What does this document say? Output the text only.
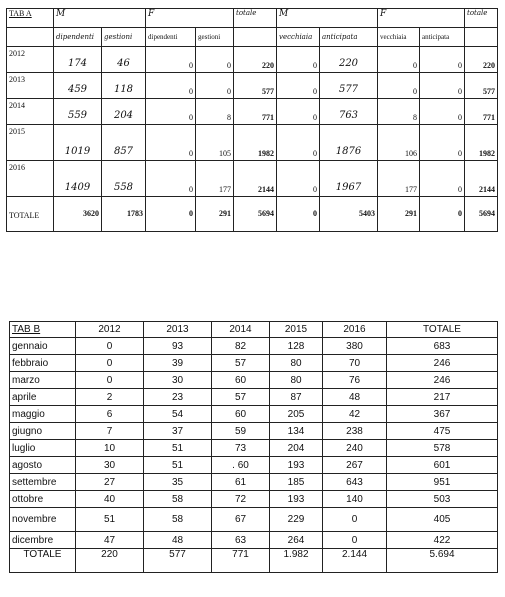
TAB A	M		F		totale	M		F		totale
	dipendenti	gestioni	dipendenti	gestioni		vecchiaia	anticipata	vecchiaia	anticipata	
2012	174	46	0	0	220	0	220	0	0	220
2013	459	118	0	0	577	0	577	0	0	577
2014	559	204	0	8	771	0	763	8	0	771
2015	1019	857	0	105	1982	0	1876	106	0	1982
2016	1409	558	0	177	2144	0	1967	177	0	2144
TOTALE	3620	1783	0	291	5694	0	5403	291	0	5694
TAB B	2012	2013	2014	2015	2016	TOTALE
gennaio	0	93	82	128	380	683
febbraio	0	39	57	80	70	246
marzo	0	30	60	80	76	246
aprile	2	23	57	87	48	217
maggio	6	54	60	205	42	367
giugno	7	37	59	134	238	475
luglio	10	51	73	204	240	578
agosto	30	51	. 60	193	267	601
settembre	27	35	61	185	643	951
ottobre	40	58	72	193	140	503
novembre	51	58	67	229	0	405
dicembre	47	48	63	264	0	422
TOTALE	220	577	771	1.982	2.144	5.694
